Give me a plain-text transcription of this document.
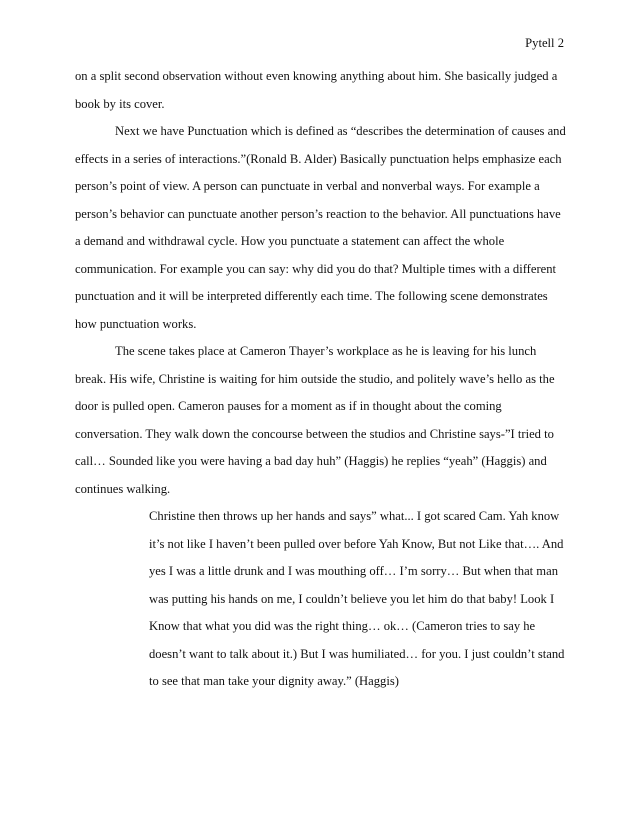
Pytell 2
on a split second observation without even knowing anything about him. She basically judged a
book by its cover.
Next we have Punctuation which is defined as “describes the determination of causes and
effects in a series of interactions.”(Ronald B. Alder) Basically punctuation helps emphasize each
person’s point of view. A person can punctuate in verbal and nonverbal ways. For example a
person’s behavior can punctuate another person’s reaction to the behavior. All punctuations have
a demand and withdrawal cycle. How you punctuate a statement can affect the whole
communication. For example you can say: why did you do that? Multiple times with a different
punctuation and it will be interpreted differently each time. The following scene demonstrates
how punctuation works.
The scene takes place at Cameron Thayer’s workplace as he is leaving for his lunch
break. His wife, Christine is waiting for him outside the studio, and politely wave’s hello as the
door is pulled open. Cameron pauses for a moment as if in thought about the coming
conversation. They walk down the concourse between the studios and Christine says-”I tried to
call… Sounded like you were having a bad day huh” (Haggis) he replies “yeah” (Haggis) and
continues walking.
Christine then throws up her hands and says” what... I got scared Cam. Yah know
it’s not like I haven’t been pulled over before Yah Know, But not Like that…. And
yes I was a little drunk and I was mouthing off… I’m sorry… But when that man
was putting his hands on me, I couldn’t believe you let him do that baby! Look I
Know that what you did was the right thing… ok… (Cameron tries to say he
doesn’t want to talk about it.) But I was humiliated… for you. I just couldn’t stand
to see that man take your dignity away.” (Haggis)
